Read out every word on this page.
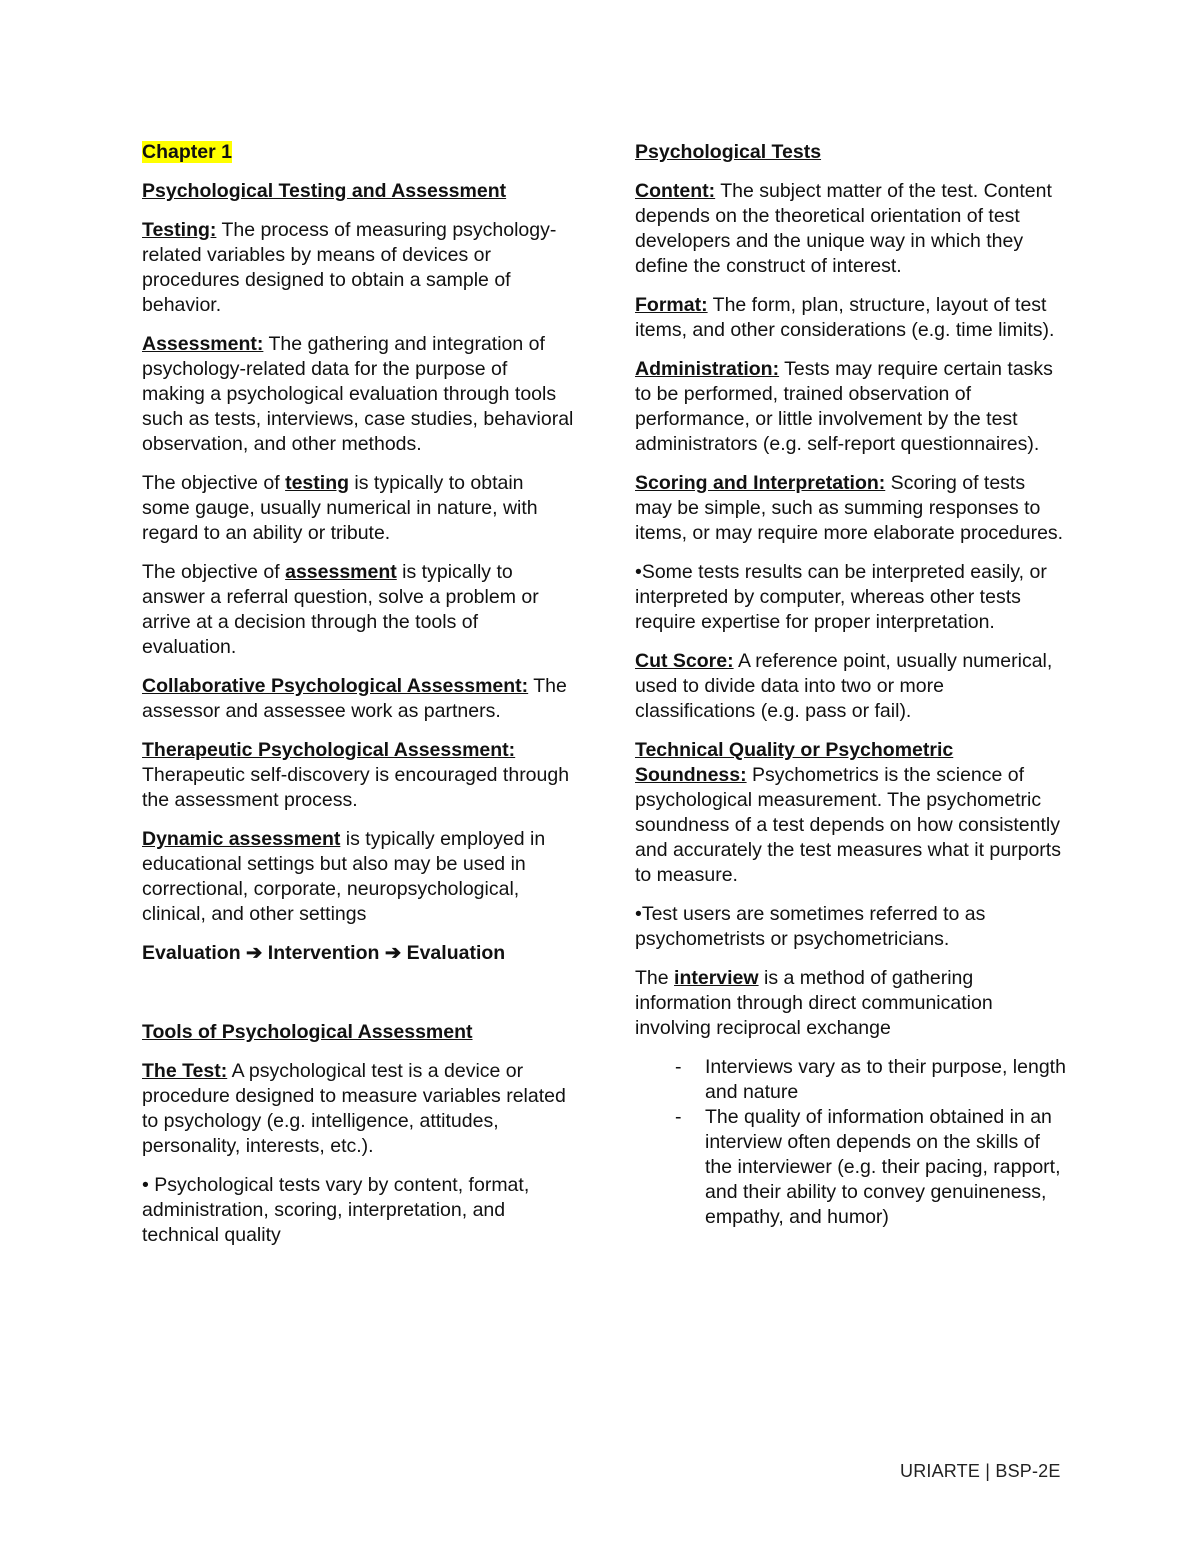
Chapter 1

Psychological Testing and Assessment

Testing: The process of measuring psychology-related variables by means of devices or procedures designed to obtain a sample of behavior.

Assessment: The gathering and integration of psychology-related data for the purpose of making a psychological evaluation through tools such as tests, interviews, case studies, behavioral observation, and other methods.

The objective of testing is typically to obtain some gauge, usually numerical in nature, with regard to an ability or tribute.

The objective of assessment is typically to answer a referral question, solve a problem or arrive at a decision through the tools of evaluation.

Collaborative Psychological Assessment: The assessor and assessee work as partners.

Therapeutic Psychological Assessment: Therapeutic self-discovery is encouraged through the assessment process.

Dynamic assessment is typically employed in educational settings but also may be used in correctional, corporate, neuropsychological, clinical, and other settings

Evaluation ➔ Intervention ➔ Evaluation

Tools of Psychological Assessment

The Test: A psychological test is a device or procedure designed to measure variables related to psychology (e.g. intelligence, attitudes, personality, interests, etc.).

• Psychological tests vary by content, format, administration, scoring, interpretation, and technical quality

Psychological Tests

Content: The subject matter of the test. Content depends on the theoretical orientation of test developers and the unique way in which they define the construct of interest.

Format: The form, plan, structure, layout of test items, and other considerations (e.g. time limits).

Administration: Tests may require certain tasks to be performed, trained observation of performance, or little involvement by the test administrators (e.g. self-report questionnaires).

Scoring and Interpretation: Scoring of tests may be simple, such as summing responses to items, or may require more elaborate procedures.

•Some tests results can be interpreted easily, or interpreted by computer, whereas other tests require expertise for proper interpretation.

Cut Score: A reference point, usually numerical, used to divide data into two or more classifications (e.g. pass or fail).

Technical Quality or Psychometric Soundness: Psychometrics is the science of psychological measurement. The psychometric soundness of a test depends on how consistently and accurately the test measures what it purports to measure.

•Test users are sometimes referred to as psychometrists or psychometricians.

The interview is a method of gathering information through direct communication involving reciprocal exchange

- Interviews vary as to their purpose, length and nature
- The quality of information obtained in an interview often depends on the skills of the interviewer (e.g. their pacing, rapport, and their ability to convey genuineness, empathy, and humor)
URIARTE | BSP-2E
